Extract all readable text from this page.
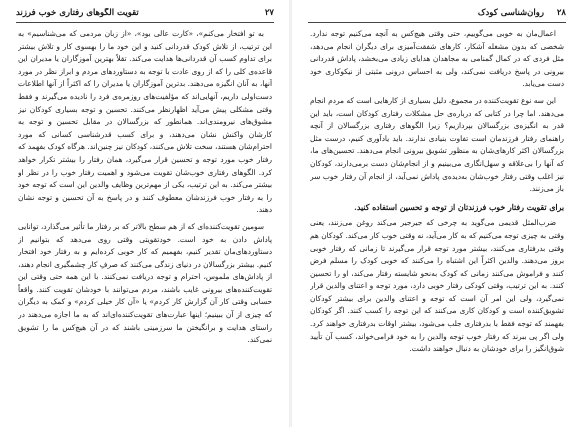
تقویت الگوهای رفتاری خوب فرزند	۲۷

به تو افتخار می‌کنم»، «کارت عالی بود»، «از زبان مردمی که می‌شناسیم» به این ترتیب، از تلاش کودک قدردانی کنید و این خود ما را بهسوی کار و تلاش بیشتر برای تداوم کسب آن قدردانی‌ها هدایت می‌کند. تقلاً بهترین آموزگاران یا مدیران این قاعده‌ی کلی را که از روی عادت با توجه به دستاوردهای مردم و ابراز نظر در مورد آنها، به آنان انگیزه می‌دهند. بدترین آموزگاران یا مدیران را که اکثراً از آنها اطلاعات دست‌اولی داریم، آنهایی‌اند که مؤلفیت‌های روزمره‌ی فرد را نادیده می‌گیرند و فقط وقتی مشکلی پیش می‌آید اظهارنظر می‌کنند. تحسین و توجه بسیاری کودکان نیز مشوق‌های نیرومندی‌اند. همانطور که بزرگسالان در مقابل تحسین و توجه به کارشان واکنش نشان می‌دهند، و برای کسب قدرشناسی کسانی که مورد احترام‌شان هستند، سخت تلاش می‌کنند، کودکان نیز چنین‌اند. هرگاه کودک بفهمد که رفتار خوب مورد توجه و تحسین قرار می‌گیرد، همان رفتار را بیشتر تکرار خواهد کرد. الگوهای رفتاری خوب‌شان تقویت می‌شود و اهمیت رفتار خوب را در نظر او بیشتر می‌کند. به این ترتیب، یکی از مهم‌ترین وظایف والدین این است که توجه خود را به رفتار خوب فرزندشان معطوف کنند و در پاسخ به آن تحسین و توجه نشان دهند.

سومین تقویت‌کننده‌ای که از هم سطح بالاتر که بر رفتار ما تأثیر می‌گذارد، توانایی پاداش دادن به خود است. خودتقویتی وقتی روی می‌دهد که بتوانیم از دستاوردهای‌مان تقدیر کنیم، بفهمیم که کار خوبی کرده‌ایم و به رفتار خود افتخار کنیم. بیشتر بزرگسالان در دنیای زندگی می‌کنند که صرف‌ِ کار چشمگیری انجام دهند، از پاداش‌های ملموس، احترام و توجه دریافت نمی‌کنند. با این همه حتی وقتی این تقویت‌کننده‌های بیرونی غایب باشند، مردم می‌توانند با خودشان تقویت کنند. واقعاً حسابی وقتی کار آن گزارش کار کردم» یا «آن کار خیلی کردم» و کمک به دیگران که چیزی از آن ببینیم؛ اینها عبارت‌های تقویت‌کننده‌ای‌اند که به ما اجازه می‌دهند در راستای هدایت و برانگیختن ما سرزمینی باشند که در آن هیچ‌کس ما را تشویق نمی‌کند.

۲۸
روان‌شناسی کودک

اعمال‌مان به خوبی می‌گوییم، حتی وقتی هیچ‌کس به آنچه می‌کنیم توجه ندارد. شخصی که بدون مشغله آشکار، کارهای شفقت‌آمیزی برای دیگران انجام می‌دهد، مثل فردی که در کمال گمنامی به مجاهدان هدایای زیادی می‌بخشد، پاداش قدردانی بیرونی در پاسخ دریافت نمی‌کند، ولی به احساس درونی مثبتی از نیکوکاری خود دست می‌یابد.

این سه نوع تقویت‌کننده در مجموع، دلیل بسیاری از کارهایی است که مردم انجام می‌دهند. اما چرا در کتابی که درباره‌ی حل مشکلات رفتاری کودکان است، باید این قدر به انگیزه‌ی بزرگسالان بپردازیم؟ زیرا الگوهای رفتاری بزرگسالان از آنچه راهنمای رفتار فرزندمان است تفاوت بنیادی ندارند. باید یادآوری کنیم، درست مثل بزرگسالان اکثر کارهای‌شان به منظور تشویق بیرونی انجام می‌دهند. تحسین‌های ما، که آنها را بی‌علاقه و سهل‌انگاری می‌بینیم و از انجام‌شان دست برمی‌دارند، کودکان نیز اغلب وقتی رفتار خوب‌شان به‌دیده‌ی پاداش نمی‌آید، از انجام آن رفتار خوب سر باز می‌زنند.

برای تقویت رفتار خوب فرزندتان از توجه و تحسین استفاده کنید.

ضرب‌المثل قدیمی می‌گوید به چرخی که جیرجیر می‌کند روغن می‌زنند، یعنی وقتی به چیزی توجه می‌کنیم که به کار می‌آید، نه وقتی خوب کار می‌کند. کودکان هم وقتی بدرفتاری می‌کنند، بیشتر مورد توجه قرار می‌گیرند تا زمانی که رفتار خوبی بروز می‌دهند. والدین اکثراً این اشتباه را می‌کنند که خوبی کودک را مسلم فرض کنند و فراموش می‌کنند زمانی که کودک به‌نحو شایسته رفتار می‌کند، او را تحسین کنند. به این ترتیب، وقتی کودکی رفتار خوبی دارد، مورد توجه و اعتنای والدین قرار نمی‌گیرد، ولی این امر آن است که توجه و اعتنای والدین برای بیشتر کودکان تشویق‌کننده است و کودکان کاری می‌کنند که این توجه را کسب کنند. اگر کودکان بفهمند که توجه فقط با بدرفتاری جلب می‌شود، بیشتر اوقات بدرفتاری خواهند کرد. ولی اگر پی ببرند که رفتار خوب توجه والدین را به خود فرامی‌خواند، کسب آن تأیید شوق‌انگیز را برای خودشان به دنبال خواهند داشت.
